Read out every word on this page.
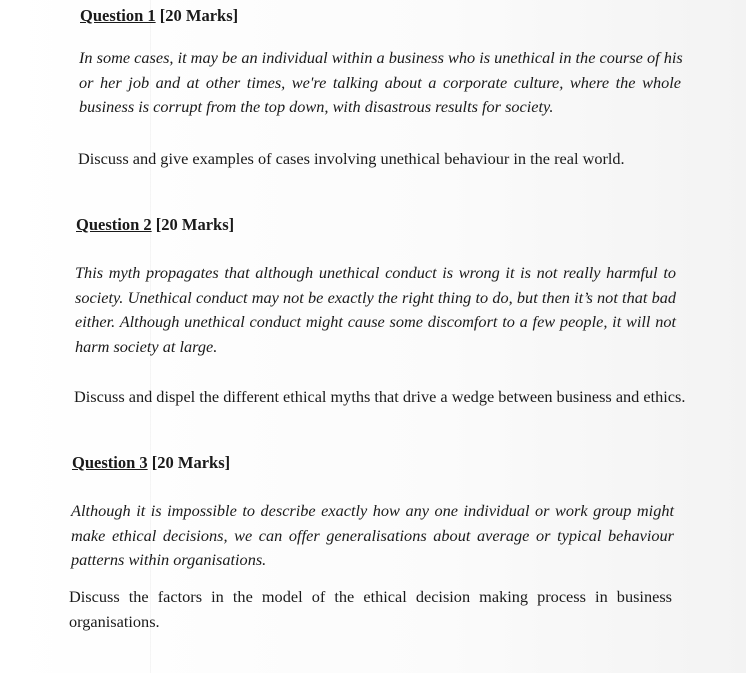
Question 1 [20 Marks]
In some cases, it may be an individual within a business who is unethical in the course of his
or her job and at other times, we're talking about a corporate culture, where the whole
business is corrupt from the top down, with disastrous results for society.
Discuss and give examples of cases involving unethical behaviour in the real world.
Question 2 [20 Marks]
This myth propagates that although unethical conduct is wrong it is not really harmful to
society. Unethical conduct may not be exactly the right thing to do, but then it’s not that bad
either. Although unethical conduct might cause some discomfort to a few people, it will not
harm society at large.
Discuss and dispel the different ethical myths that drive a wedge between business and ethics.
Question 3 [20 Marks]
Although it is impossible to describe exactly how any one individual or work group might
make ethical decisions, we can offer generalisations about average or typical behaviour
patterns within organisations.
Discuss the factors in the model of the ethical decision making process in business
organisations.
